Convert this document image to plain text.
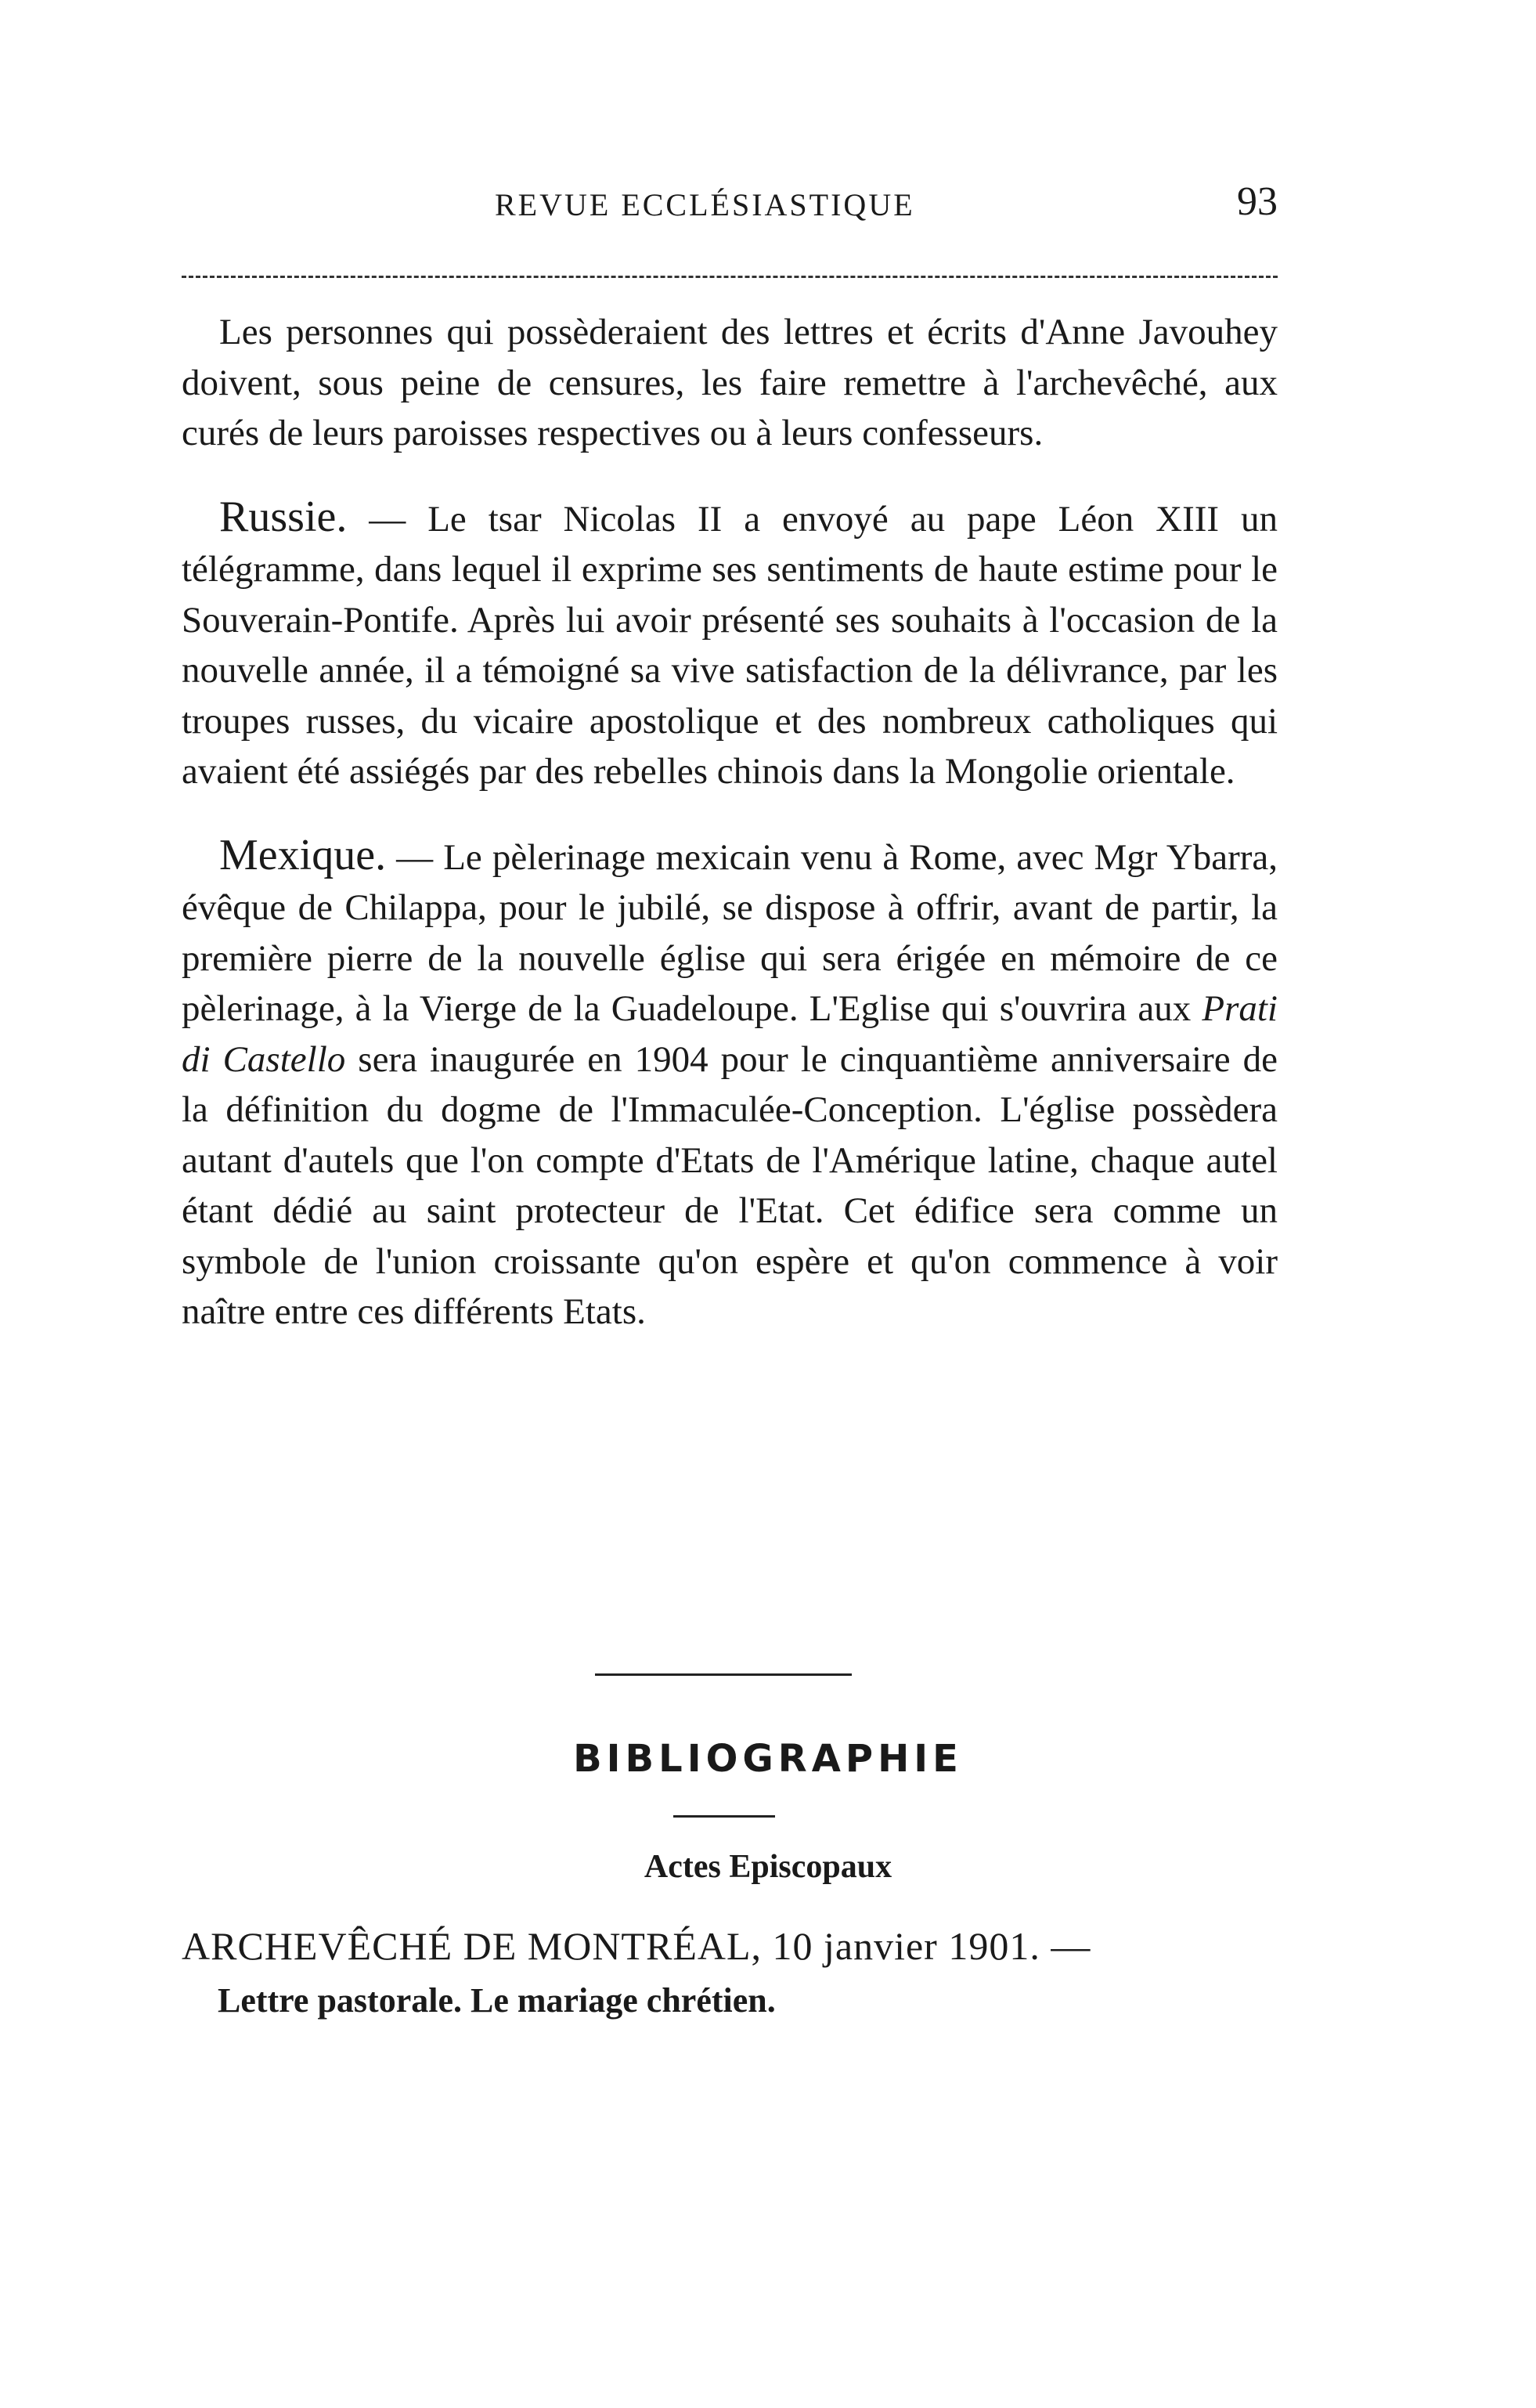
REVUE ECCLÉSIASTIQUE	93

Les personnes qui possèderaient des lettres et écrits d'Anne Javouhey doivent, sous peine de censures, les faire remettre à l'archevêché, aux curés de leurs paroisses respectives ou à leurs confesseurs.

Russie. — Le tsar Nicolas II a envoyé au pape Léon XIII un télégramme, dans lequel il exprime ses sentiments de haute estime pour le Souverain-Pontife. Après lui avoir présenté ses souhaits à l'occasion de la nouvelle année, il a témoigné sa vive satisfaction de la délivrance, par les troupes russes, du vicaire apostolique et des nombreux catholiques qui avaient été assiégés par des rebelles chinois dans la Mongolie orientale.

Mexique. — Le pèlerinage mexicain venu à Rome, avec Mgr Ybarra, évêque de Chilappa, pour le jubilé, se dispose à offrir, avant de partir, la première pierre de la nouvelle église qui sera érigée en mémoire de ce pèlerinage, à la Vierge de la Guadeloupe. L'Eglise qui s'ouvrira aux Prati di Castello sera inaugurée en 1904 pour le cinquantième anniversaire de la définition du dogme de l'Immaculée-Conception. L'église possèdera autant d'autels que l'on compte d'Etats de l'Amérique latine, chaque autel étant dédié au saint protecteur de l'Etat. Cet édifice sera comme un symbole de l'union croissante qu'on espère et qu'on commence à voir naître entre ces différents Etats.

BIBLIOGRAPHIE
Actes Episcopaux
ARCHEVÊCHÉ DE MONTRÉAL, 10 janvier 1901. —
Lettre pastorale. Le mariage chrétien.
